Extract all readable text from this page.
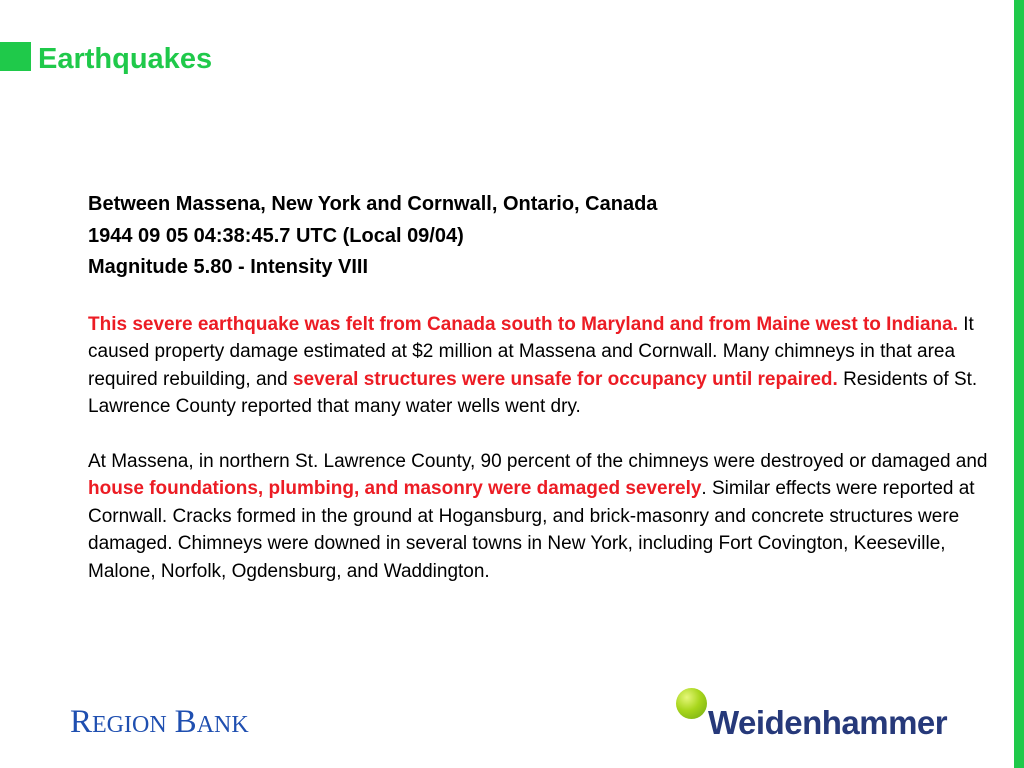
Earthquakes
Between Massena, New York and Cornwall, Ontario, Canada
1944 09 05 04:38:45.7 UTC (Local 09/04)
Magnitude 5.80 - Intensity VIII

This severe earthquake was felt from Canada south to Maryland and from Maine west to Indiana. It caused property damage estimated at $2 million at Massena and Cornwall. Many chimneys in that area required rebuilding, and several structures were unsafe for occupancy until repaired. Residents of St. Lawrence County reported that many water wells went dry.

At Massena, in northern St. Lawrence County, 90 percent of the chimneys were destroyed or damaged and house foundations, plumbing, and masonry were damaged severely. Similar effects were reported at Cornwall. Cracks formed in the ground at Hogansburg, and brick-masonry and concrete structures were damaged. Chimneys were downed in several towns in New York, including Fort Covington, Keeseville, Malone, Norfolk, Ogdensburg, and Waddington.

REGION BANK	Weidenhammer
